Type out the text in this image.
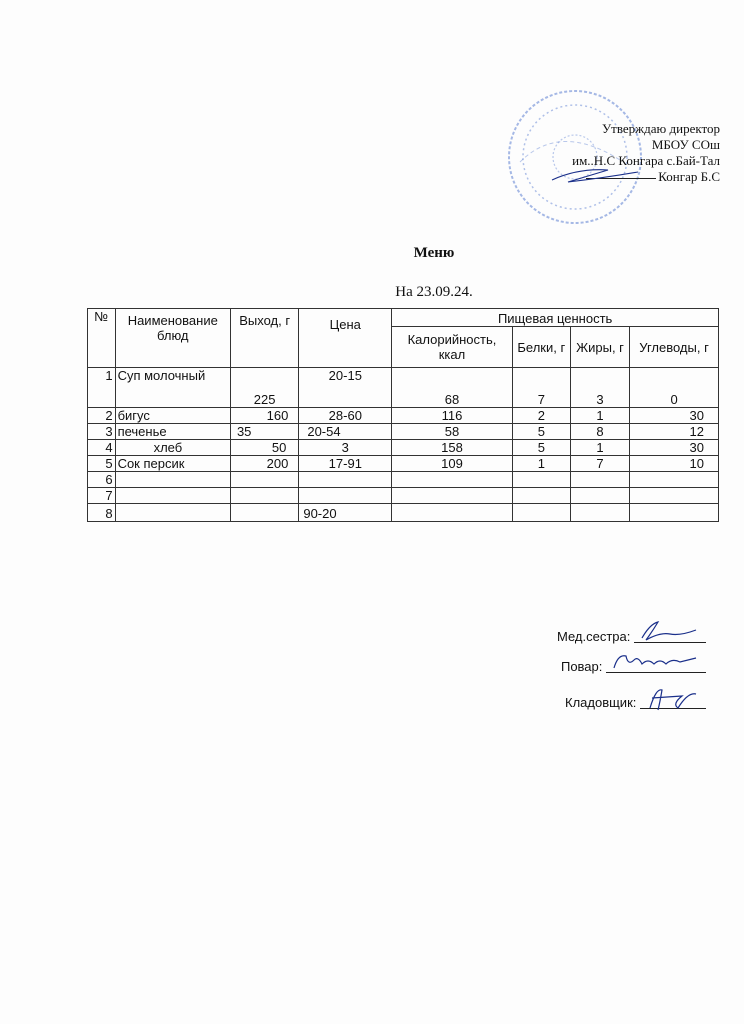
Утверждаю директор
МБОУ СОш
им..Н.С Конгара с.Бай-Тал
Конгар Б.С
Меню
На 23.09.24.
№	Наименование блюд	Выход, г	Цена	Пищевая ценность			
				Калорийность, ккал	Белки, г	Жиры, г	Углеводы, г
1	Суп молочный	225	20-15	68	7	3	0
2	бигус	160	28-60	116	2	1	30
3	печенье	35	20-54	58	5	8	12
4	хлеб	50	3	158	5	1	30
5	Сок персик	200	17-91	109	1	7	10
6							
7							
8			90-20				
Мед.сестра:
Повар:
Кладовщик:
